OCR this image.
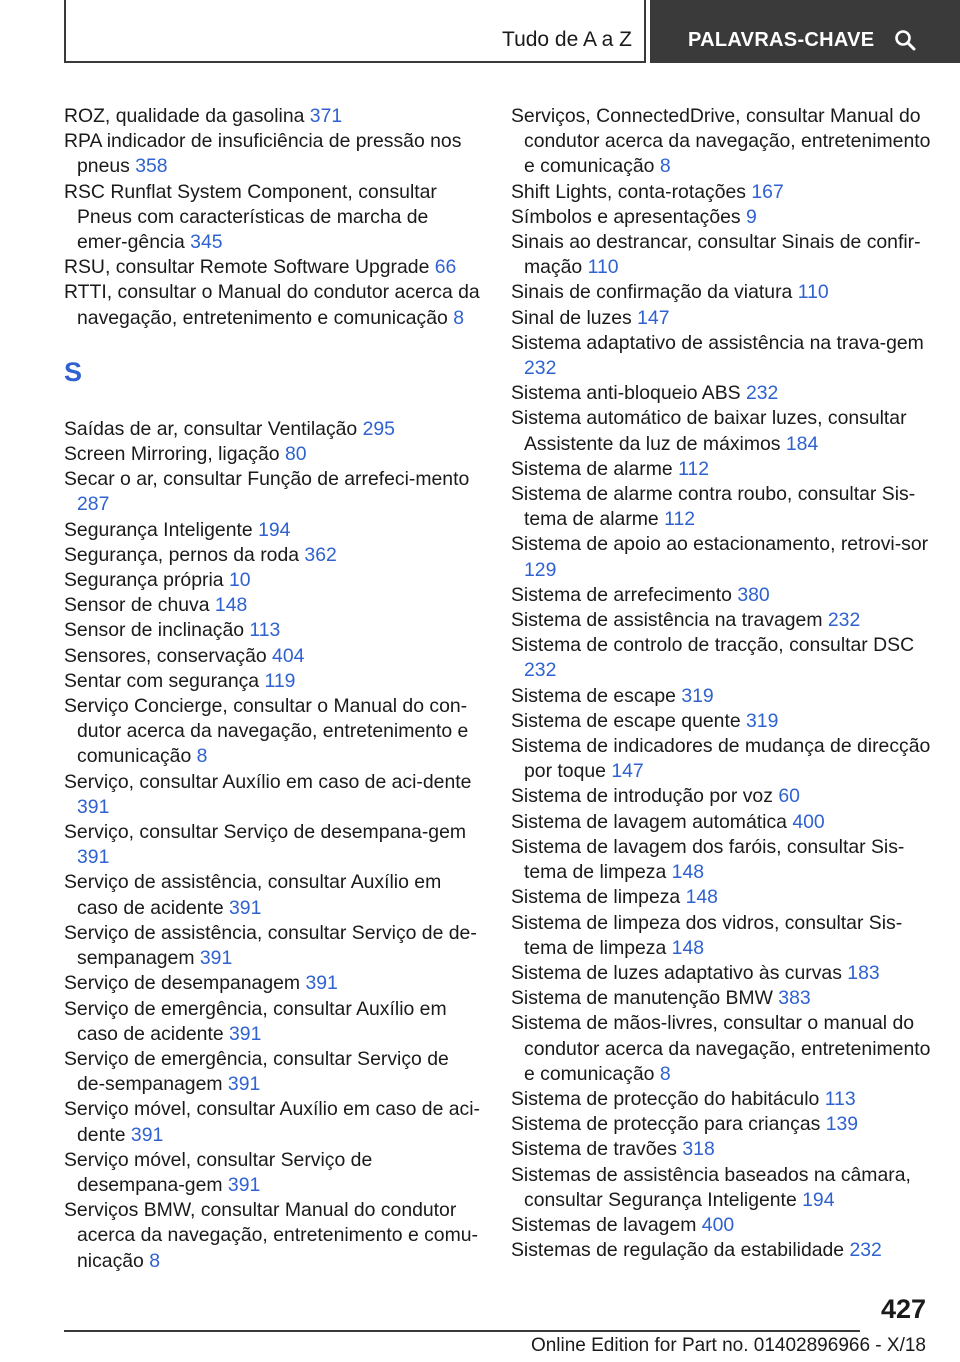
Tudo de A a Z	PALAVRAS-CHAVE

ROZ, qualidade da gasolina 371

RPA indicador de insuficiência de pressão nos pneus 358

RSC Runflat System Component, consultar Pneus com características de marcha de emer‐gência 345

RSU, consultar Remote Software Upgrade 66

RTTI, consultar o Manual do condutor acerca da navegação, entretenimento e comunicação 8

S

Saídas de ar, consultar Ventilação 295

Screen Mirroring, ligação 80

Secar o ar, consultar Função de arrefeci‐mento 287

Segurança Inteligente 194

Segurança, pernos da roda 362

Segurança própria 10

Sensor de chuva 148

Sensor de inclinação 113

Sensores, conservação 404

Sentar com segurança 119

Serviço Concierge, consultar o Manual do con‐dutor acerca da navegação, entretenimento e comunicação 8

Serviço, consultar Auxílio em caso de aci‐dente 391

Serviço, consultar Serviço de desempana‐gem 391

Serviço de assistência, consultar Auxílio em caso de acidente 391

Serviço de assistência, consultar Serviço de de‐sempanagem 391

Serviço de desempanagem 391

Serviço de emergência, consultar Auxílio em caso de acidente 391

Serviço de emergência, consultar Serviço de de‐sempanagem 391

Serviço móvel, consultar Auxílio em caso de aci‐dente 391

Serviço móvel, consultar Serviço de desempana‐gem 391

Serviços BMW, consultar Manual do condutor acerca da navegação, entretenimento e comu‐nicação 8

Serviços, ConnectedDrive, consultar Manual do condutor acerca da navegação, entretenimento e comunicação 8

Shift Lights, conta-rotações 167

Símbolos e apresentações 9

Sinais ao destrancar, consultar Sinais de confir‐mação 110

Sinais de confirmação da viatura 110

Sinal de luzes 147

Sistema adaptativo de assistência na trava‐gem 232

Sistema anti-bloqueio ABS 232

Sistema automático de baixar luzes, consultar Assistente da luz de máximos 184

Sistema de alarme 112

Sistema de alarme contra roubo, consultar Sis‐tema de alarme 112

Sistema de apoio ao estacionamento, retrovi‐sor 129

Sistema de arrefecimento 380

Sistema de assistência na travagem 232

Sistema de controlo de tracção, consultar DSC 232

Sistema de escape 319

Sistema de escape quente 319

Sistema de indicadores de mudança de direcção por toque 147

Sistema de introdução por voz 60

Sistema de lavagem automática 400

Sistema de lavagem dos faróis, consultar Sis‐tema de limpeza 148

Sistema de limpeza 148

Sistema de limpeza dos vidros, consultar Sis‐tema de limpeza 148

Sistema de luzes adaptativo às curvas 183

Sistema de manutenção BMW 383

Sistema de mãos-livres, consultar o manual do condutor acerca da navegação, entretenimento e comunicação 8

Sistema de protecção do habitáculo 113

Sistema de protecção para crianças 139

Sistema de travões 318

Sistemas de assistência baseados na câmara, consultar Segurança Inteligente 194

Sistemas de lavagem 400

Sistemas de regulação da estabilidade 232

427
Online Edition for Part no. 01402896966 - X/18
